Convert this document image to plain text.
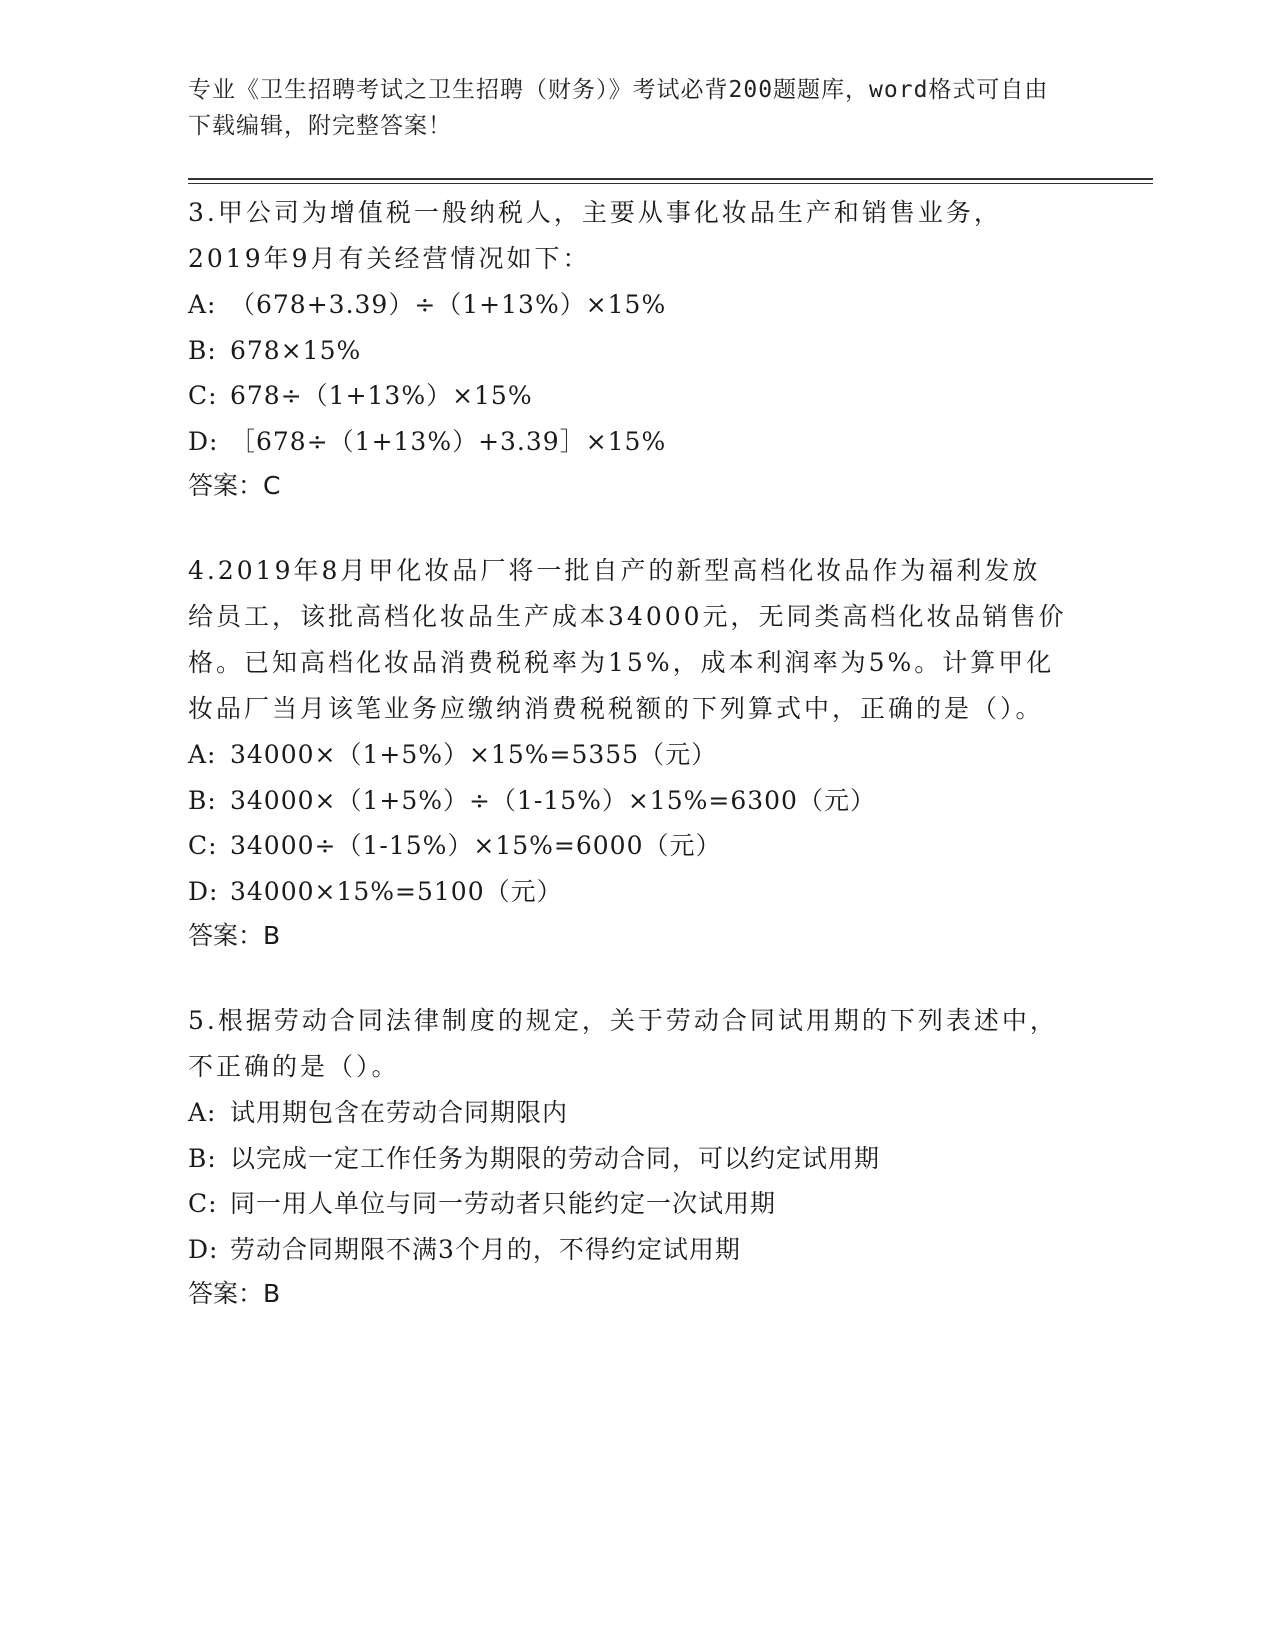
专业《卫生招聘考试之卫生招聘（财务）》考试必背200题题库，word格式可自由下载编辑，附完整答案！

3.甲公司为增值税一般纳税人，主要从事化妆品生产和销售业务，2019年9月有关经营情况如下：

A: （678+3.39）÷（1+13%）×15%

B: 678×15%

C: 678÷（1+13%）×15%

D: ［678÷（1+13%）+3.39］×15%

答案：C

4.2019年8月甲化妆品厂将一批自产的新型高档化妆品作为福利发放给员工，该批高档化妆品生产成本34000元，无同类高档化妆品销售价格。已知高档化妆品消费税税率为15%，成本利润率为5%。计算甲化妆品厂当月该笔业务应缴纳消费税税额的下列算式中，正确的是（）。

A: 34000×（1+5%）×15%=5355（元）

B: 34000×（1+5%）÷（1-15%）×15%=6300（元）

C: 34000÷（1-15%）×15%=6000（元）

D: 34000×15%=5100（元）

答案：B

5.根据劳动合同法律制度的规定，关于劳动合同试用期的下列表述中，不正确的是（）。

A: 试用期包含在劳动合同期限内

B: 以完成一定工作任务为期限的劳动合同，可以约定试用期

C: 同一用人单位与同一劳动者只能约定一次试用期

D: 劳动合同期限不满3个月的，不得约定试用期

答案：B
